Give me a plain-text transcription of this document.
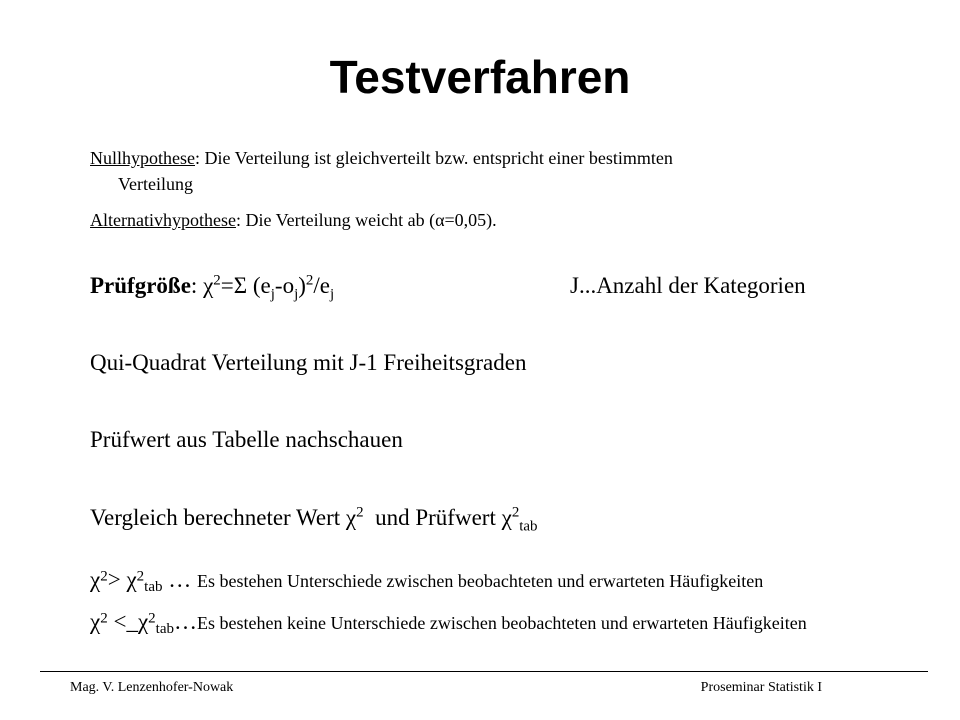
Testverfahren
Nullhypothese: Die Verteilung ist gleichverteilt bzw. entspricht einer bestimmten
Verteilung
Alternativhypothese: Die Verteilung weicht ab (α=0,05).
Prüfgröße: $\chi^2=\Sigma$ $(e_j-o_j)^2/e_j$	J...Anzahl der Kategorien
Qui-Quadrat Verteilung mit J-1 Freiheitsgraden
Prüfwert aus Tabelle nachschauen
Vergleich berechneter Wert $\chi^2$  und Prüfwert $\chi^2_{tab}$
$\chi^2> \chi^2_{tab}$ … Es bestehen Unterschiede zwischen beobachteten und erwarteten Häufigkeiten
$\chi^2$ $<\_\chi^2_{tab}\dots Es$ bestehen keine Unterschiede zwischen beobachteten und erwarteten Häufigkeiten
Mag. V. Lenzenhofer-Nowak	Proseminar Statistik I
